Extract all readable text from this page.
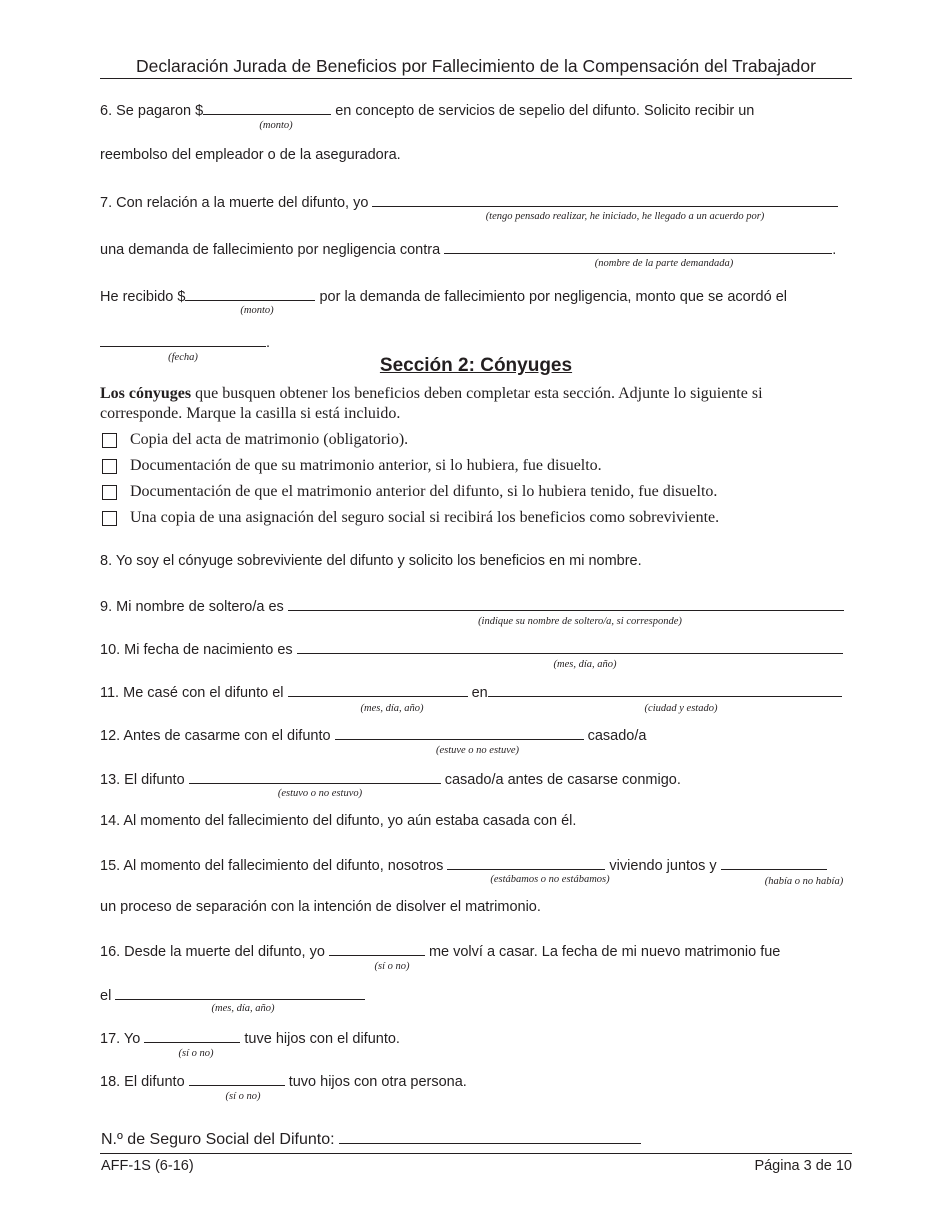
Declaración Jurada de Beneficios por Fallecimiento de la Compensación del Trabajador

6. Se pagaron $	en concepto de servicios de sepelio del difunto. Solicito recibir un

(monto)

reembolso del empleador o de la aseguradora.

7. Con relación a la muerte del difunto, yo

(tengo pensado realizar, he iniciado, he llegado a un acuerdo por)

una demanda de fallecimiento por negligencia contra	.

(nombre de la parte demandada)

He recibido $	por la demanda de fallecimiento por negligencia, monto que se acordó el

(monto)

.

(fecha)	Sección 2: Cónyuges
Los cónyuges que busquen obtener los beneficios deben completar esta sección. Adjunte lo siguiente si
corresponde. Marque la casilla si está incluido.
Copia del acta de matrimonio (obligatorio).
Documentación de que su matrimonio anterior, si lo hubiera, fue disuelto.
Documentación de que el matrimonio anterior del difunto, si lo hubiera tenido, fue disuelto.
Una copia de una asignación del seguro social si recibirá los beneficios como sobreviviente.

8. Yo soy el cónyuge sobreviviente del difunto y solicito los beneficios en mi nombre.

9. Mi nombre de soltero/a es

(indique su nombre de soltero/a, si corresponde)

10. Mi fecha de nacimiento es

(mes, día, año)

11. Me casé con el difunto el	en

(mes, día, año)	(ciudad y estado)

12. Antes de casarme con el difunto	casado/a

(estuve o no estuve)

13. El difunto	casado/a antes de casarse conmigo.

(estuvo o no estuvo)

14. Al momento del fallecimiento del difunto, yo aún estaba casada con él.

15. Al momento del fallecimiento del difunto, nosotros	viviendo juntos y

(estábamos o no estábamos)	(había o no había)

un proceso de separación con la intención de disolver el matrimonio.

16. Desde la muerte del difunto, yo	me volví a casar. La fecha de mi nuevo matrimonio fue

(sí o no)

el

(mes, día, año)

17. Yo	tuve hijos con el difunto.

(sí o no)

18. El difunto	tuvo hijos con otra persona.

(sí o no)

N.º de Seguro Social del Difunto:

AFF-1S (6-16)	Página 3 de 10
